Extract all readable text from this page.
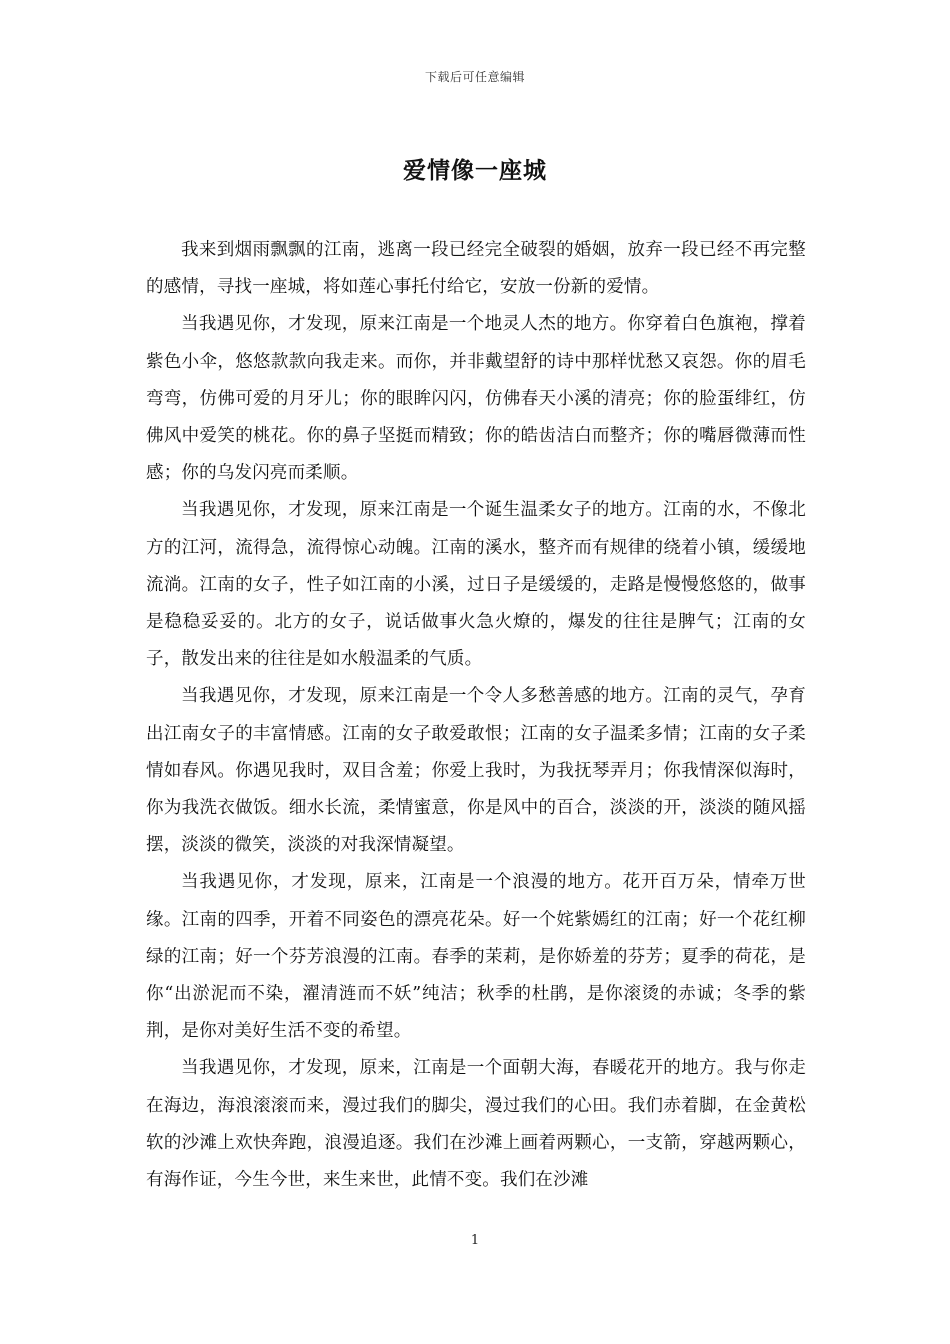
下载后可任意编辑
爱情像一座城

我来到烟雨飘飘的江南，逃离一段已经完全破裂的婚姻，放弃一段已经不再完整的感情，寻找一座城，将如莲心事托付给它，安放一份新的爱情。

当我遇见你，才发现，原来江南是一个地灵人杰的地方。你穿着白色旗袍，撑着紫色小伞，悠悠款款向我走来。而你，并非戴望舒的诗中那样忧愁又哀怨。你的眉毛弯弯，仿佛可爱的月牙儿；你的眼眸闪闪，仿佛春天小溪的清亮；你的脸蛋绯红，仿佛风中爱笑的桃花。你的鼻子坚挺而精致；你的皓齿洁白而整齐；你的嘴唇微薄而性感；你的乌发闪亮而柔顺。

当我遇见你，才发现，原来江南是一个诞生温柔女子的地方。江南的水，不像北方的江河，流得急，流得惊心动魄。江南的溪水，整齐而有规律的绕着小镇，缓缓地流淌。江南的女子，性子如江南的小溪，过日子是缓缓的，走路是慢慢悠悠的，做事是稳稳妥妥的。北方的女子，说话做事火急火燎的，爆发的往往是脾气；江南的女子，散发出来的往往是如水般温柔的气质。

当我遇见你，才发现，原来江南是一个令人多愁善感的地方。江南的灵气，孕育出江南女子的丰富情感。江南的女子敢爱敢恨；江南的女子温柔多情；江南的女子柔情如春风。你遇见我时，双目含羞；你爱上我时，为我抚琴弄月；你我情深似海时，你为我洗衣做饭。细水长流，柔情蜜意，你是风中的百合，淡淡的开，淡淡的随风摇摆，淡淡的微笑，淡淡的对我深情凝望。

当我遇见你，才发现，原来，江南是一个浪漫的地方。花开百万朵，情牵万世缘。江南的四季，开着不同姿色的漂亮花朵。好一个姹紫嫣红的江南；好一个花红柳绿的江南；好一个芬芳浪漫的江南。春季的茉莉，是你娇羞的芬芳；夏季的荷花，是你“出淤泥而不染，濯清涟而不妖”纯洁；秋季的杜鹃，是你滚烫的赤诚；冬季的紫荆，是你对美好生活不变的希望。

当我遇见你，才发现，原来，江南是一个面朝大海，春暖花开的地方。我与你走在海边，海浪滚滚而来，漫过我们的脚尖，漫过我们的心田。我们赤着脚，在金黄松软的沙滩上欢快奔跑，浪漫追逐。我们在沙滩上画着两颗心，一支箭，穿越两颗心，有海作证，今生今世，来生来世，此情不变。我们在沙滩

1
